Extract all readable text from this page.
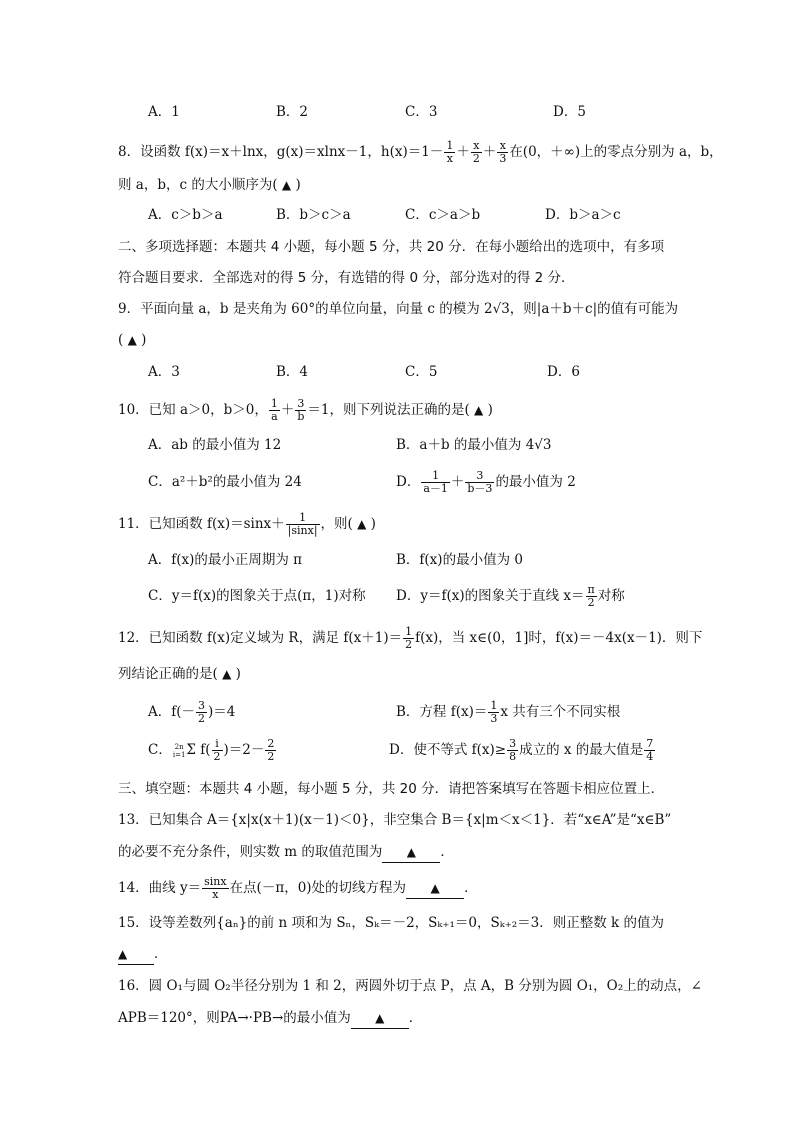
A．1	B．2	C．3	D．5
8．设函数 f(x)＝x＋lnx，g(x)＝xlnx－1，$h(x)=1- \frac{1}{x} + \frac{x}{2} + \frac{x}{3}$ 在(0，＋∞)上的零点分别为 a，b，
则 a，b，c 的大小顺序为( ▲ )
A．c＞b＞a	B．b＞c＞a	C．c＞a＞b	D．b＞a＞c
二、多项选择题：本题共 4 小题，每小题 5 分，共 20 分．在每小题给出的选项中，有多项
符合题目要求．全部选对的得 5 分，有选错的得 0 分，部分选对的得 2 分．
9．平面向量 a，b 是夹角为 60°的单位向量，向量 c 的模为 2√3，则|a＋b＋c|的值有可能为
( ▲ )
A．3	B．4	C．5	D．6
10．已知 a＞0，b＞0， $\frac{1}{a} + \frac{3}{b} =1$，则下列说法正确的是( ▲ )
A．ab 的最小值为 12	B．a＋b 的最小值为 4√3
C．a²＋b²的最小值为 24	D． $\frac{1}{a-1} + \frac{3}{b-3}$ 的最小值为 2
11．已知函数 $f(x)=\sin x+ \frac{1}{|\sin x|}$ ，则( ▲ )
A．f(x)的最小正周期为 π	B．f(x)的最小值为 0
C．y＝f(x)的图象关于点(π，1)对称 D．y＝f(x)的图象关于直线 $x= \frac{\pi}{2}$ 对称
12．已知函数 f(x)定义域为 R，满足 $f(x+1)= \frac{1}{2} f(x)$，当 x∈(0，1]时，f(x)＝－4x(x－1)．则下
列结论正确的是( ▲ )
A．$f(- \frac{3}{2} )=4$	B．方程 $f(x)= \frac{1}{3}$ x 共有三个不同实根
C． 2n
i=1 Σ $f( \frac{i}{2} )=2- \frac{2}{2}$	D．使不等式 $f(x)\ge \frac{3}{8}$ 成立的 x 的最大值是 $\frac{7}{4}$
三、填空题：本题共 4 小题，每小题 5 分，共 20 分．请把答案填写在答题卡相应位置上．
13．已知集合 A＝{x|x(x＋1)(x－1)＜0}，非空集合 B＝{x|m＜x＜1}．若“x∈A”是“x∈B”
的必要不充分条件，则实数 m 的取值范围为 ▲ ．
14．曲线 $y= \frac{\sin x}{x}$ 在点(－π，0)处的切线方程为 ▲ ．
15．设等差数列{aₙ}的前 n 项和为 Sₙ，Sₖ＝－2，Sₖ₊₁＝0，Sₖ₊₂＝3．则正整数 k 的值为
▲ ．
16．圆 O₁与圆 O₂半径分别为 1 和 2，两圆外切于点 P，点 A，B 分别为圆 O₁，O₂上的动点，∠
APB＝120°，则PA→·PB→的最小值为 ▲ ．
